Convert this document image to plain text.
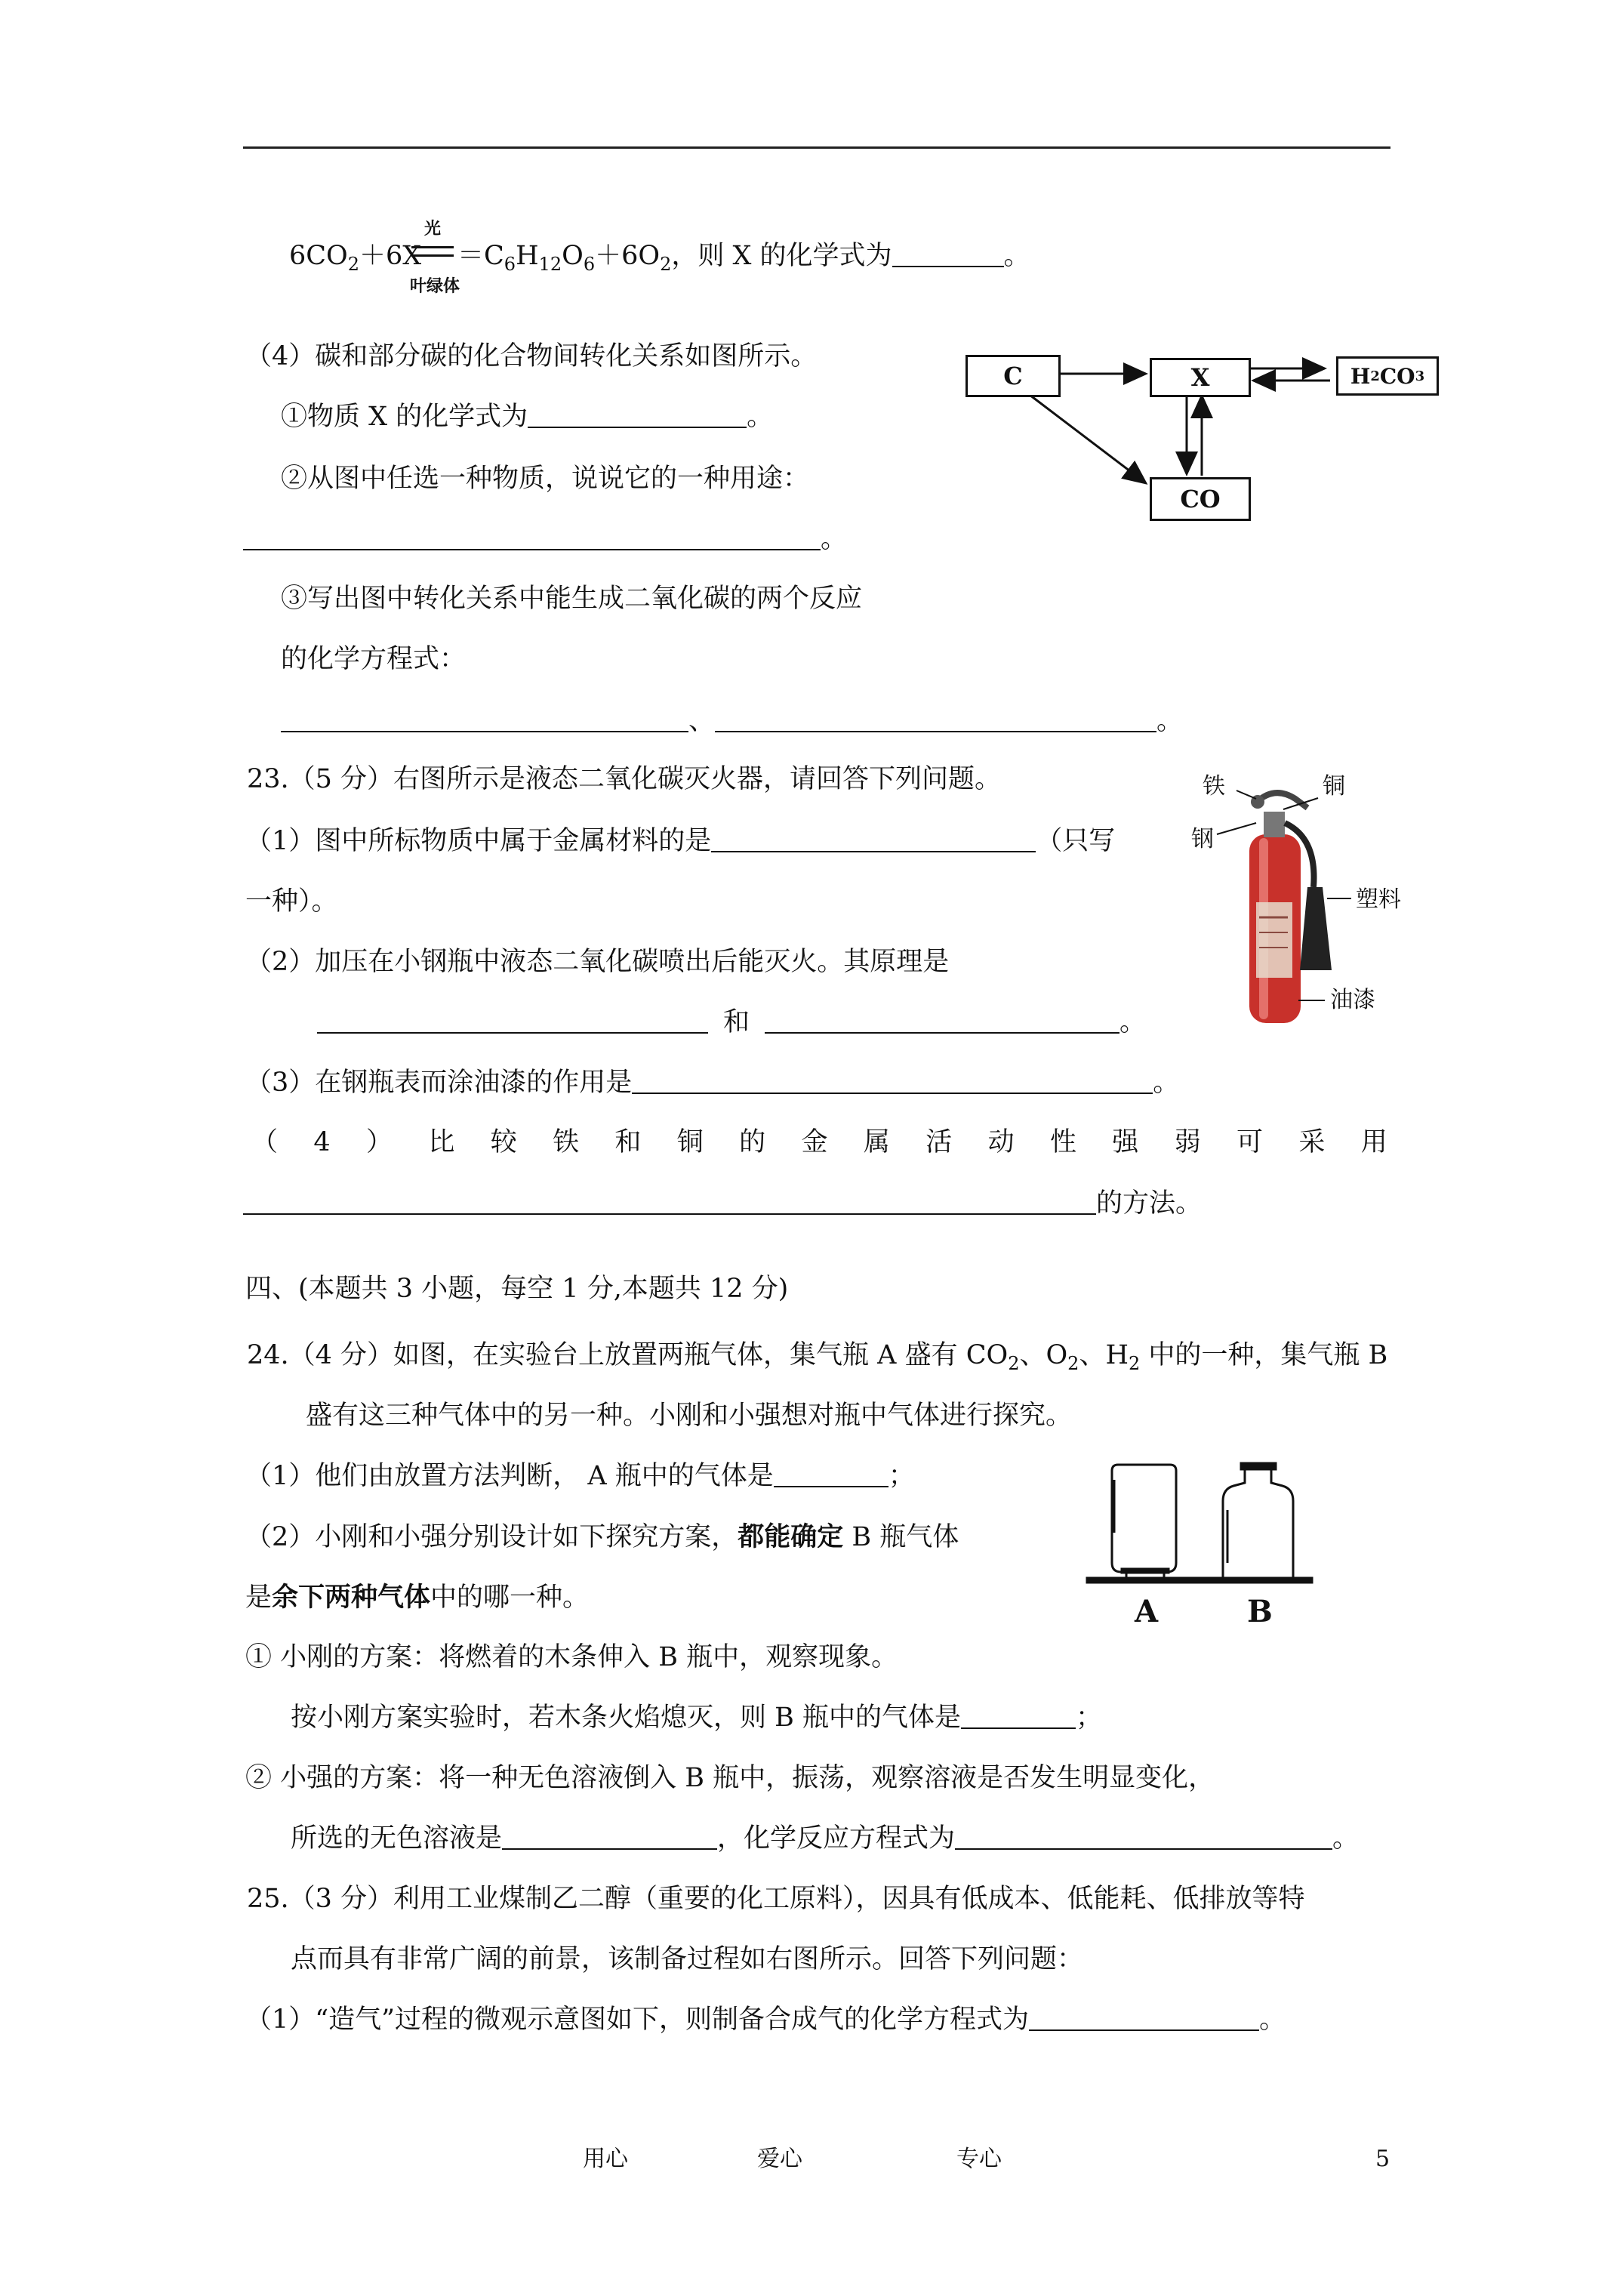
$6CO_2+6X$
光
叶绿体
$=C_6H_{12}O_6+6O_2$，则 X 的化学式为	。
（4）碳和部分碳的化合物间转化关系如图所示。
①物质 X 的化学式为	。
②从图中任选一种物质，说说它的一种用途：
。
③写出图中转化关系中能生成二氧化碳的两个反应
的化学方程式：
、	。
C	X
CO
H 2 CO 3
铁	铜
钢
塑料
油漆
23.（5 分）右图所示是液态二氧化碳灭火器，请回答下列问题。
（1）图中所标物质中属于金属材料的是	（只写
一种）。
（2）加压在小钢瓶中液态二氧化碳喷出后能灭火。其原理是
和	。
（3）在钢瓶表而涂油漆的作用是	。
（ 4 ） 比 较 铁 和 铜 的 金 属 活 动 性 强 弱 可 采 用
的方法。
四、(本题共 3 小题，每空 1 分,本题共 12 分)
24.（4 分）如图，在实验台上放置两瓶气体，集气瓶 A 盛有 $CO_2$、$O_2$、$H_2$ 中的一种，集气瓶 B
盛有这三种气体中的另一种。小刚和小强想对瓶中气体进行探究。
（1）他们由放置方法判断， A 瓶中的气体是	；
（2）小刚和小强分别设计如下探究方案，都能确定 B 瓶气体
是余下两种气体中的哪一种。	A	B
① 小刚的方案：将燃着的木条伸入 B 瓶中，观察现象。
按小刚方案实验时，若木条火焰熄灭，则 B 瓶中的气体是	；
② 小强的方案：将一种无色溶液倒入 B 瓶中，振荡，观察溶液是否发生明显变化，
所选的无色溶液是	，化学反应方程式为	。
25.（3 分）利用工业煤制乙二醇（重要的化工原料），因具有低成本、低能耗、低排放等特
点而具有非常广阔的前景，该制备过程如右图所示。回答下列问题：
（1）“造气”过程的微观示意图如下，则制备合成气的化学方程式为	。
用心	爱心	专心	5
